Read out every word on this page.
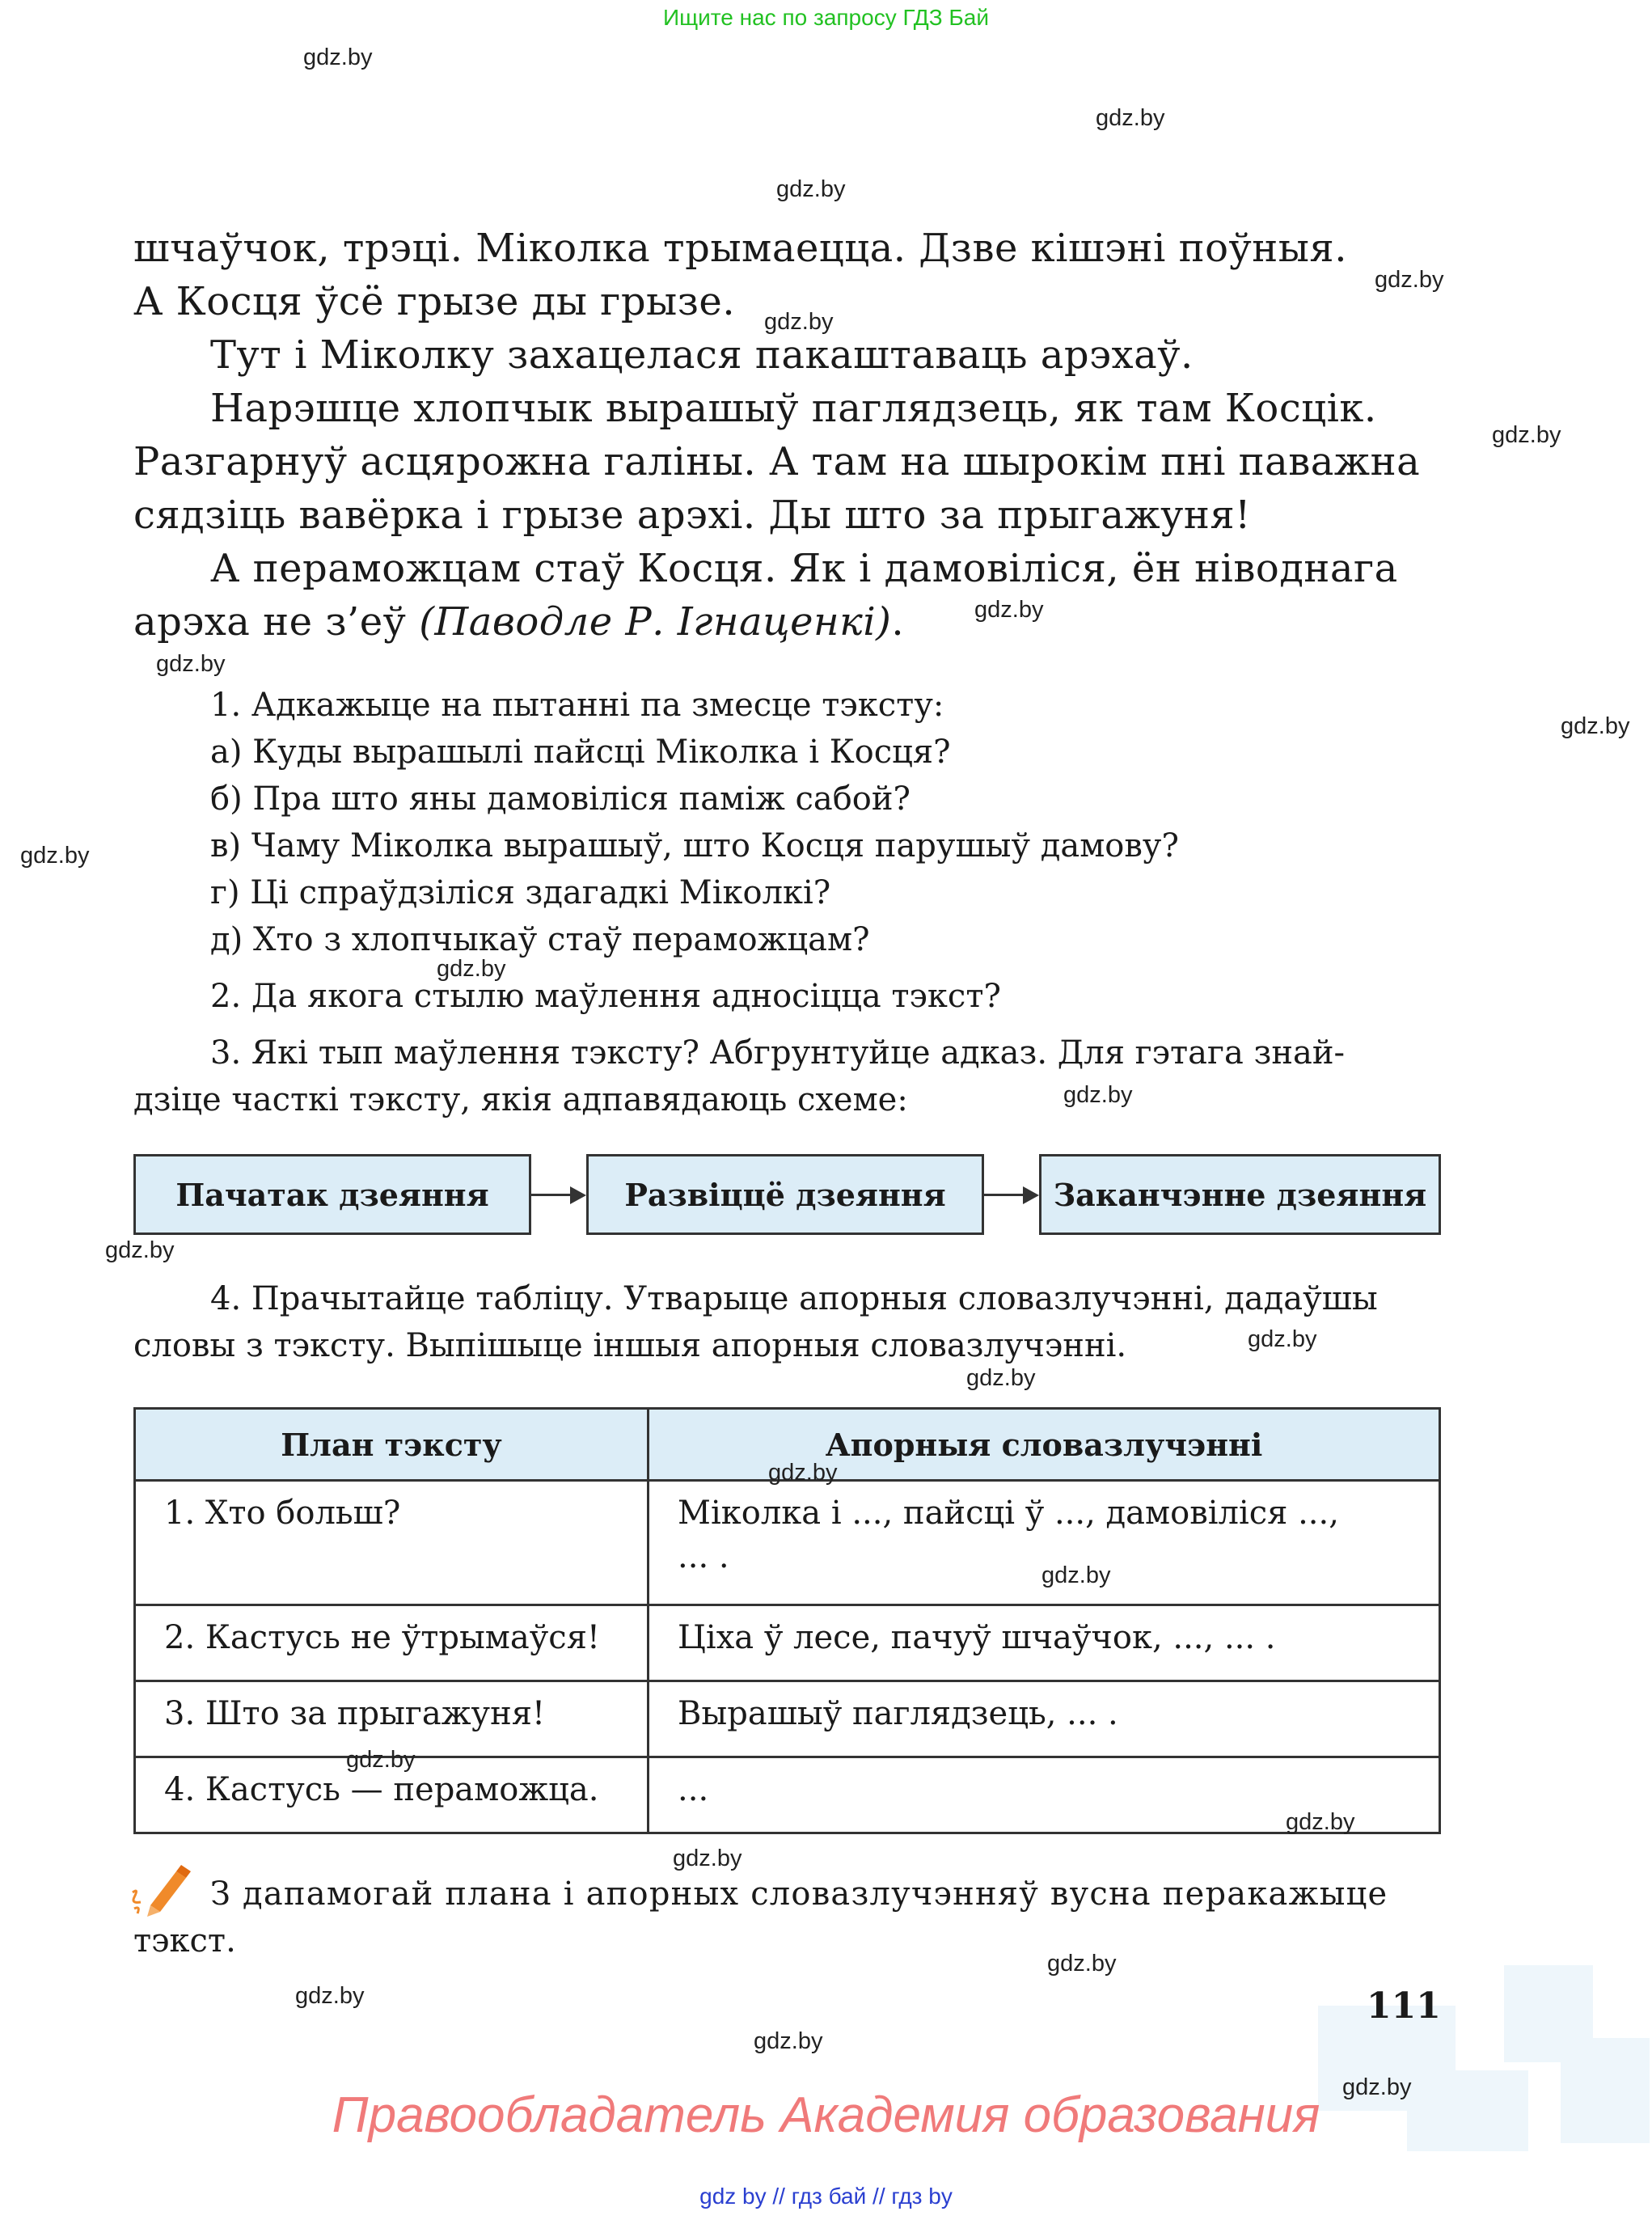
Ищите нас по запросу ГДЗ Бай
шчаўчок, трэці. Міколка трымаецца. Дзве кішэні поўныя.
А Косця ўсё грызе ды грызе.
Тут і Міколку захацелася пакаштаваць арэхаў.
Нарэшце хлопчык вырашыў паглядзець, як там Косцік.
Разгарнуў асцярожна галіны. А там на шырокім пні паважна
сядзіць вавёрка і грызе арэхі. Ды што за прыгажуня!
А пераможцам стаў Косця. Як і дамовіліся, ён ніводнага
арэха не з’еў (Паводле Р. Ігнаценкі).
1. Адкажыце на пытанні па змесце тэксту:
а) Куды вырашылі пайсці Міколка і Косця?
б) Пра што яны дамовіліся паміж сабой?
в) Чаму Міколка вырашыў, што Косця парушыў дамову?
г) Ці спраўдзіліся здагадкі Міколкі?
д) Хто з хлопчыкаў стаў пераможцам?
2. Да якога стылю маўлення адносіцца тэкст?
3. Які тып маўлення тэксту? Абгрунтуйце адказ. Для гэтага знай-
дзіце часткі тэксту, якія адпавядаюць схеме:
Пачатак дзеяння	Развіццё дзеяння	Заканчэнне дзеяння
4. Прачытайце табліцу. Утварыце апорныя словазлучэнні, дадаўшы
словы з тэксту. Выпішыце іншыя апорныя словазлучэнні.
План тэксту	Апорныя словазлучэнні
1. Хто больш?	Міколка і ..., пайсці ў ..., дамовіліся ...,
... .

2. Кастусь не ўтрымаўся!	Ціха ў лесе, пачуў шчаўчок, ..., ... .
3. Што за прыгажуня!	Вырашыў паглядзець, ... .
4. Кастусь — пераможца.	...
З дапамогай плана і апорных словазлучэнняў вусна перакажыце
тэкст.
111
Правообладатель Академия образования
gdz by // гдз бай // гдз by
gdz.by
gdz.by
gdz.by
gdz.by
gdz.by
gdz.by
gdz.by
gdz.by
gdz.by
gdz.by
gdz.by
gdz.by
gdz.by
gdz.by
gdz.by
gdz.by
gdz.by
gdz.by
gdz.by
gdz.by
gdz.by
gdz.by
gdz.by
gdz.by
